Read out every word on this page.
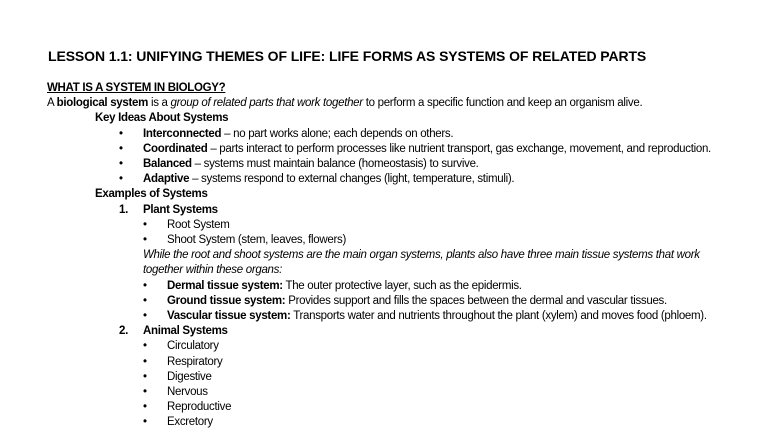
LESSON 1.1: UNIFYING THEMES OF LIFE: LIFE FORMS AS SYSTEMS OF RELATED PARTS
WHAT IS A SYSTEM IN BIOLOGY?
A biological system is a group of related parts that work together to perform a specific function and keep an organism alive.
Key Ideas About Systems
• Interconnected – no part works alone; each depends on others.
• Coordinated – parts interact to perform processes like nutrient transport, gas exchange, movement, and reproduction.
• Balanced – systems must maintain balance (homeostasis) to survive.
• Adaptive – systems respond to external changes (light, temperature, stimuli).
Examples of Systems
1. Plant Systems
• Root System
• Shoot System (stem, leaves, flowers)
While the root and shoot systems are the main organ systems, plants also have three main tissue systems that work
together within these organs:
• Dermal tissue system: The outer protective layer, such as the epidermis.
• Ground tissue system: Provides support and fills the spaces between the dermal and vascular tissues.
• Vascular tissue system: Transports water and nutrients throughout the plant (xylem) and moves food (phloem).
2. Animal Systems
• Circulatory
• Respiratory
• Digestive
• Nervous
• Reproductive
• Excretory
